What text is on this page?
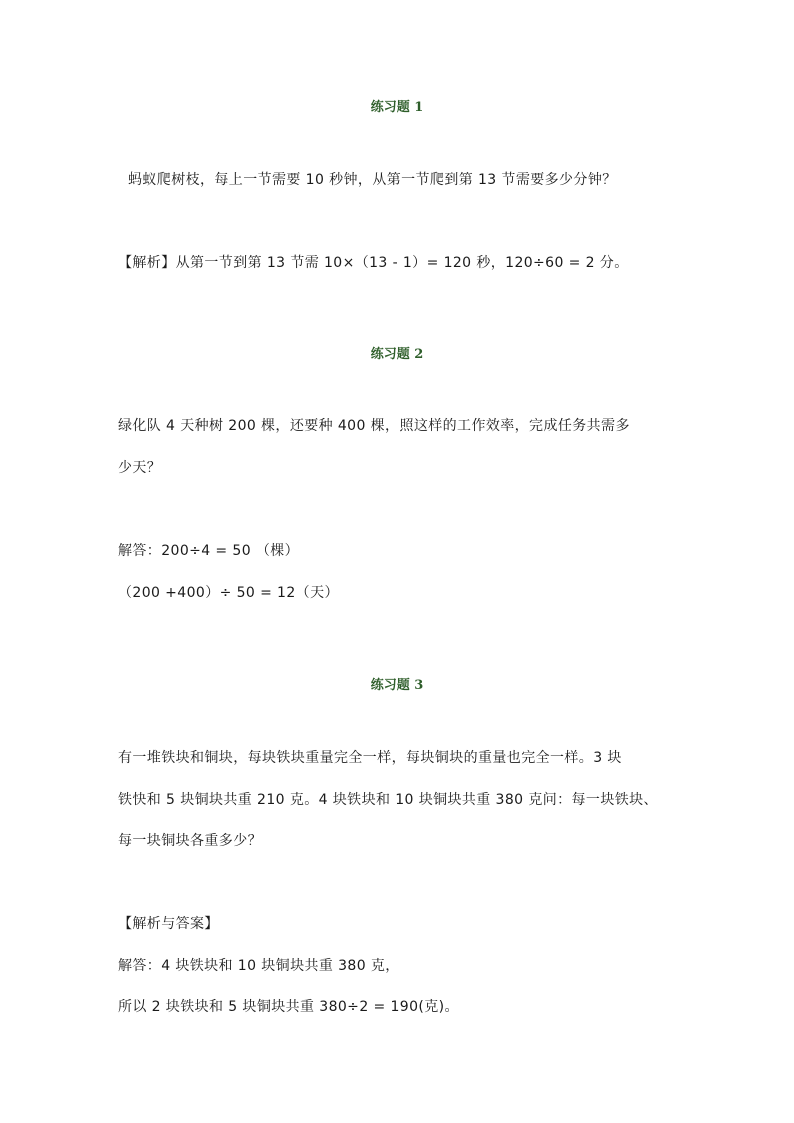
练习题 1
蚂蚁爬树枝，每上一节需要 10 秒钟，从第一节爬到第 13 节需要多少分钟？
【解析】从第一节到第 13 节需 10×（13 - 1）= 120 秒，120÷60 = 2 分。
练习题 2
绿化队 4 天种树 200 棵，还要种 400 棵，照这样的工作效率，完成任务共需多
少天？
解答：200÷4 = 50 （棵）
（200 +400）÷ 50 = 12（天）
练习题 3
有一堆铁块和铜块，每块铁块重量完全一样，每块铜块的重量也完全一样。3 块
铁快和 5 块铜块共重 210 克。4 块铁块和 10 块铜块共重 380 克问：每一块铁块、
每一块铜块各重多少？
【解析与答案】
解答：4 块铁块和 10 块铜块共重 380 克，
所以 2 块铁块和 5 块铜块共重 380÷2 = 190(克)。
